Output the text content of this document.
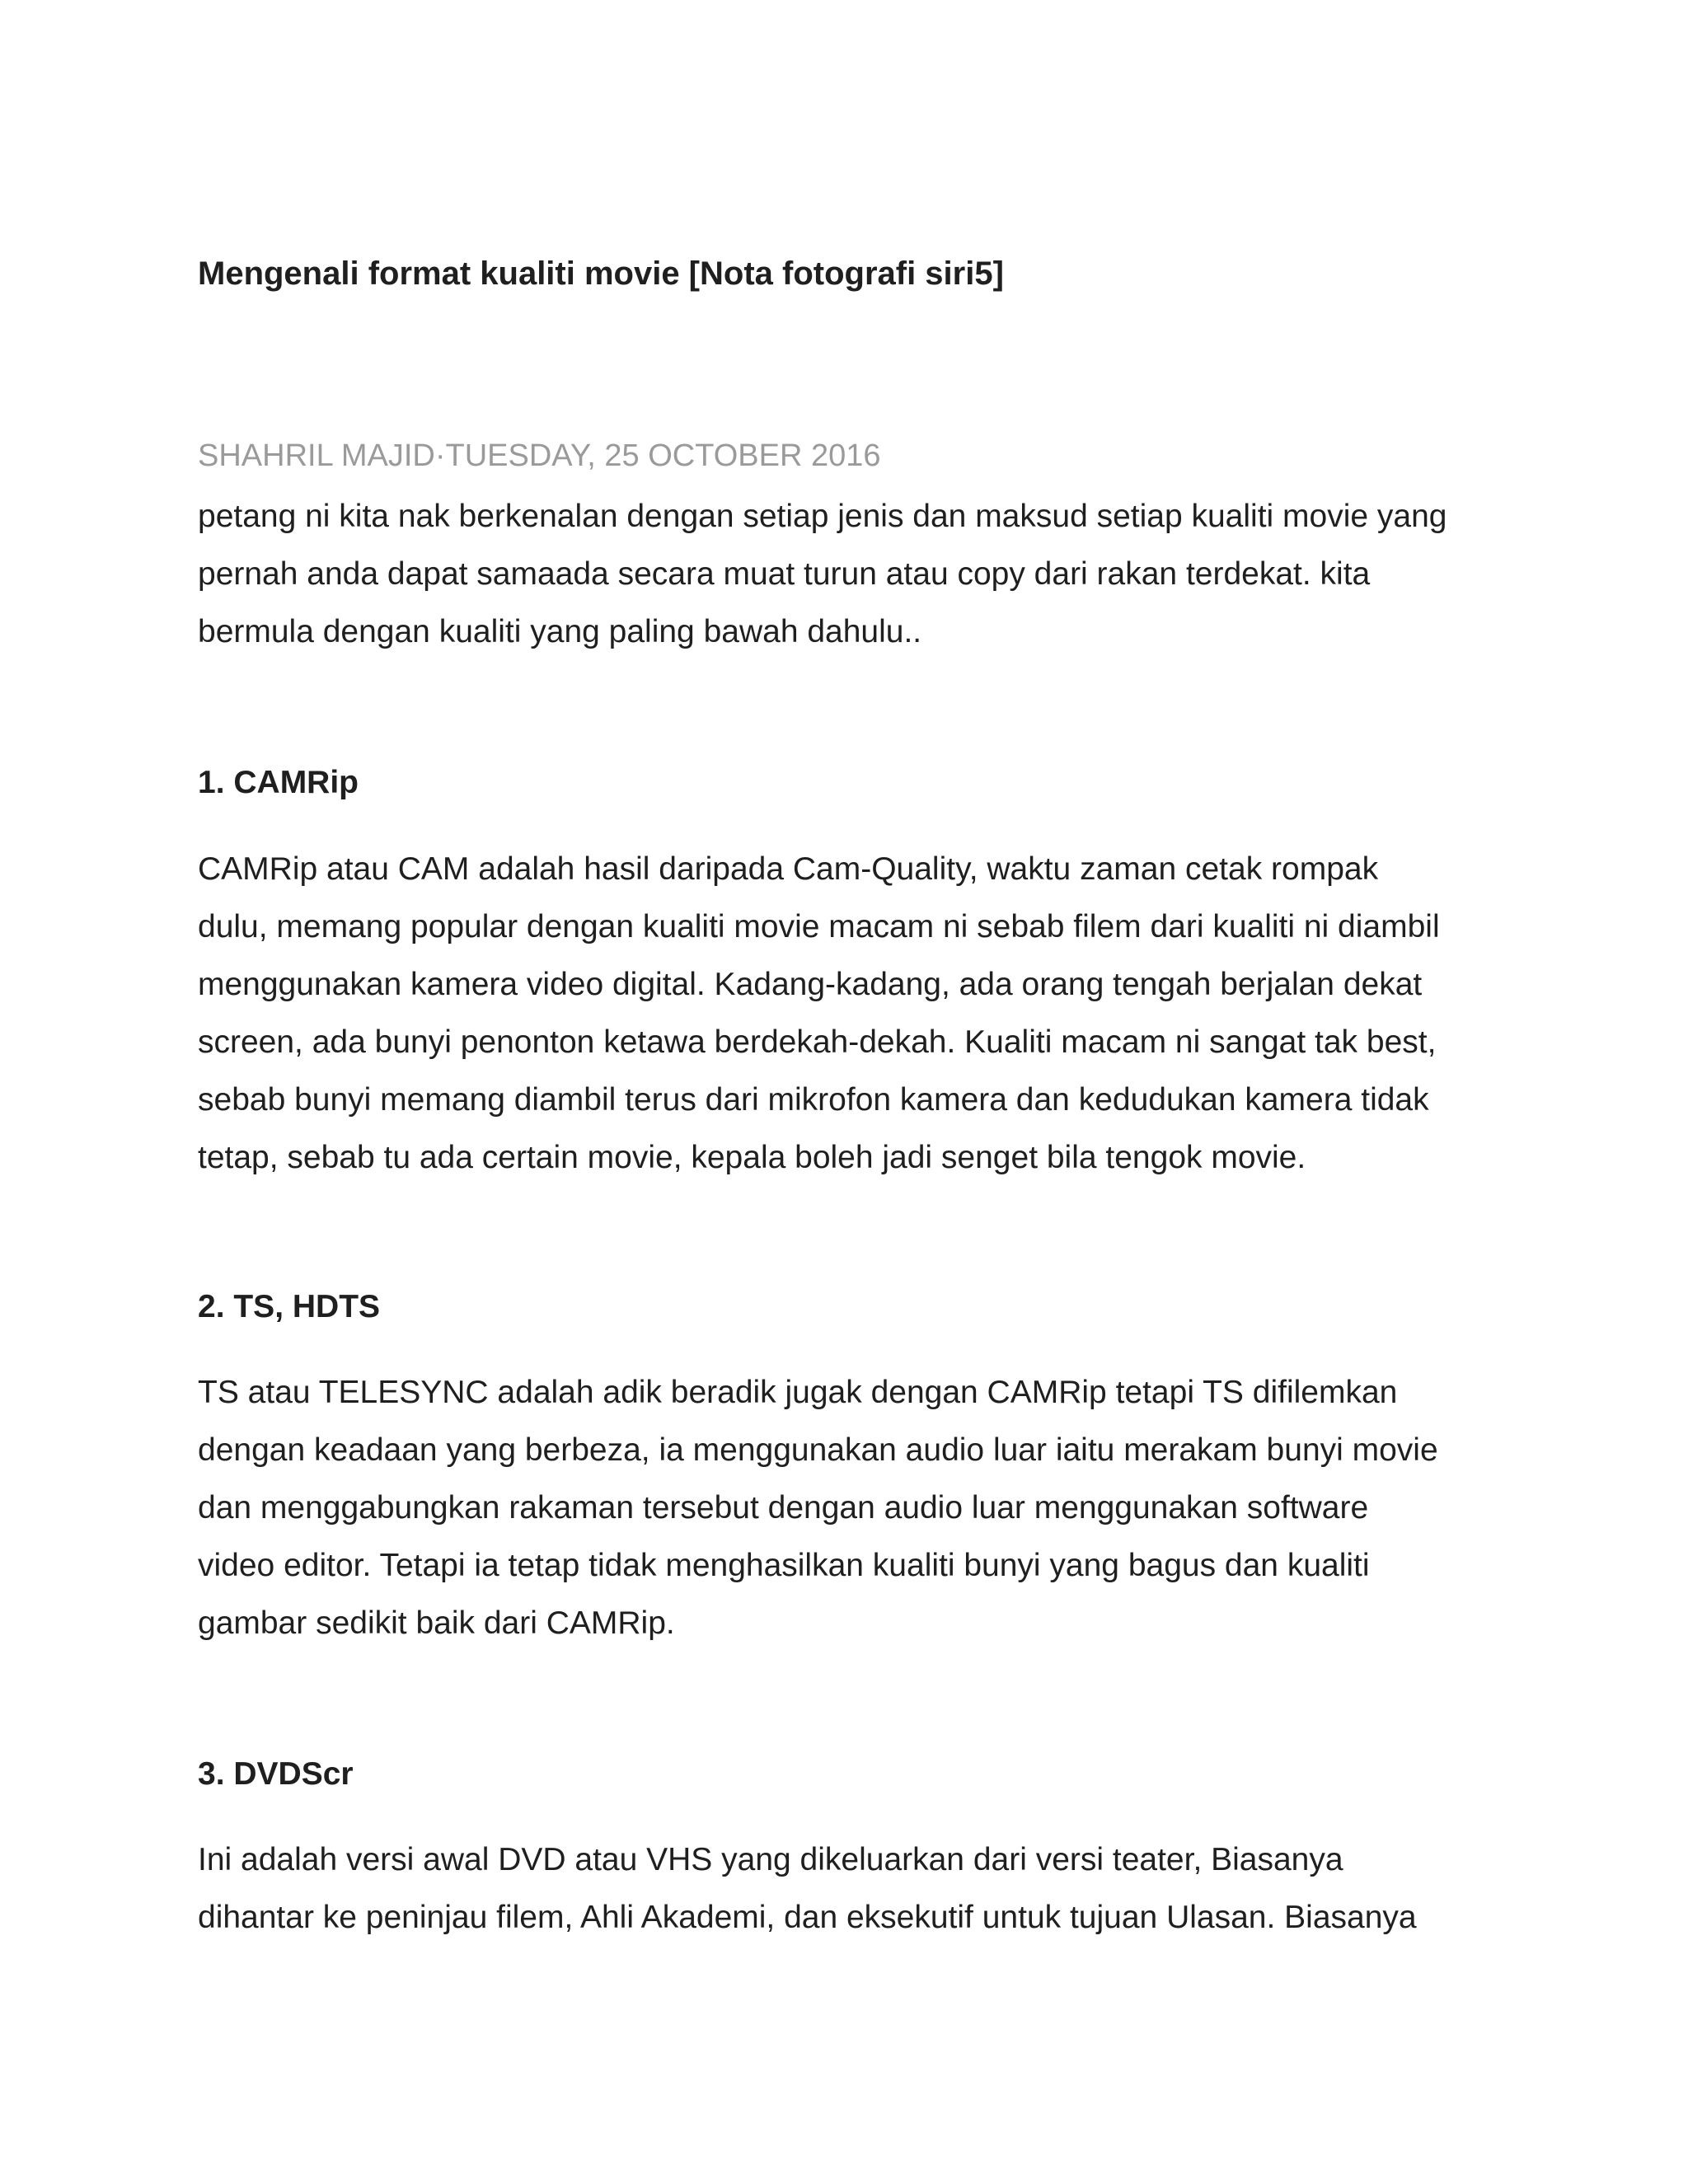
Mengenali format kualiti movie [Nota fotografi siri5]
SHAHRIL MAJID·TUESDAY, 25 OCTOBER 2016
petang ni kita nak berkenalan dengan setiap jenis dan maksud setiap kualiti movie yang
pernah anda dapat samaada secara muat turun atau copy dari rakan terdekat. kita
bermula dengan kualiti yang paling bawah dahulu..
1. CAMRip
CAMRip atau CAM adalah hasil daripada Cam-Quality, waktu zaman cetak rompak
dulu, memang popular dengan kualiti movie macam ni sebab filem dari kualiti ni diambil
menggunakan kamera video digital. Kadang-kadang, ada orang tengah berjalan dekat
screen, ada bunyi penonton ketawa berdekah-dekah. Kualiti macam ni sangat tak best,
sebab bunyi memang diambil terus dari mikrofon kamera dan kedudukan kamera tidak
tetap, sebab tu ada certain movie, kepala boleh jadi senget bila tengok movie.
2. TS, HDTS
TS atau TELESYNC adalah adik beradik jugak dengan CAMRip tetapi TS difilemkan
dengan keadaan yang berbeza, ia menggunakan audio luar iaitu merakam bunyi movie
dan menggabungkan rakaman tersebut dengan audio luar menggunakan software
video editor. Tetapi ia tetap tidak menghasilkan kualiti bunyi yang bagus dan kualiti
gambar sedikit baik dari CAMRip.
3. DVDScr
Ini adalah versi awal DVD atau VHS yang dikeluarkan dari versi teater, Biasanya
dihantar ke peninjau filem, Ahli Akademi, dan eksekutif untuk tujuan Ulasan. Biasanya
